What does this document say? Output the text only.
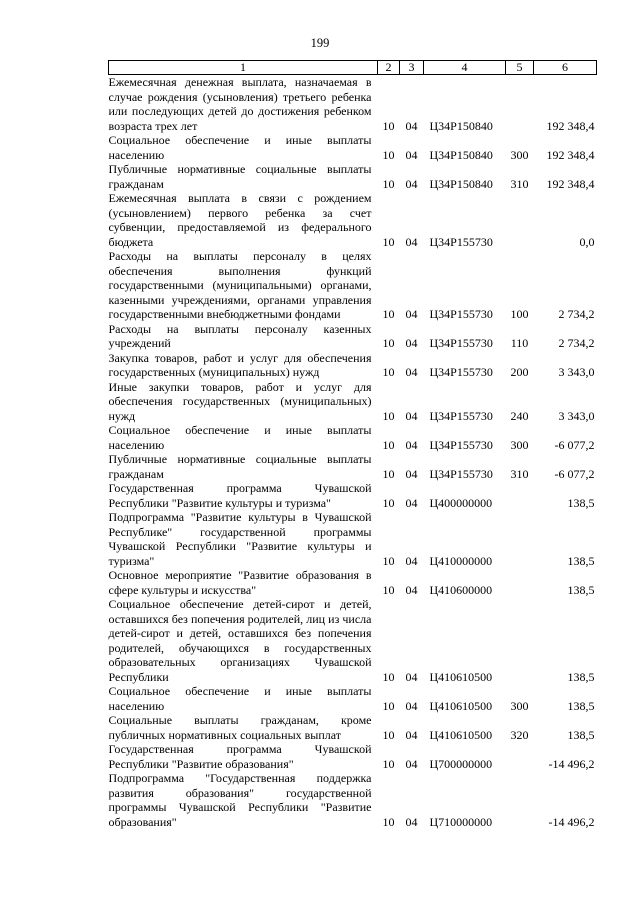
199
1	2	3	4	5	6
Ежемесячная денежная выплата, назначаемая в случае рождения (усыновления) третьего ребенка или последующих детей до достижения ребенком возраста трех лет	10	04	Ц34Р150840		192 348,4
Социальное обеспечение и иные выплаты населению	10	04	Ц34Р150840	300	192 348,4
Публичные нормативные социальные выплаты гражданам	10	04	Ц34Р150840	310	192 348,4
Ежемесячная выплата в связи с рождением (усыновлением) первого ребенка за счет субвенции, предоставляемой из федерального бюджета	10	04	Ц34Р155730		0,0
Расходы на выплаты персоналу в целях обеспечения выполнения функций государственными (муниципальными) органами, казенными учреждениями, органами управления государственными внебюджетными фондами	10	04	Ц34Р155730	100	2 734,2
Расходы на выплаты персоналу казенных учреждений	10	04	Ц34Р155730	110	2 734,2
Закупка товаров, работ и услуг для обеспечения государственных (муниципальных) нужд	10	04	Ц34Р155730	200	3 343,0
Иные закупки товаров, работ и услуг для обеспечения государственных (муниципальных) нужд	10	04	Ц34Р155730	240	3 343,0
Социальное обеспечение и иные выплаты населению	10	04	Ц34Р155730	300	-6 077,2
Публичные нормативные социальные выплаты гражданам	10	04	Ц34Р155730	310	-6 077,2
Государственная программа Чувашской Республики "Развитие культуры и туризма"	10	04	Ц400000000		138,5
Подпрограмма "Развитие культуры в Чувашской Республике" государственной программы Чувашской Республики "Развитие культуры и туризма"	10	04	Ц410000000		138,5
Основное мероприятие "Развитие образования в сфере культуры и искусства"	10	04	Ц410600000		138,5
Социальное обеспечение детей-сирот и детей, оставшихся без попечения родителей, лиц из числа детей-сирот и детей, оставшихся без попечения родителей, обучающихся в государственных образовательных организациях Чувашской Республики	10	04	Ц410610500		138,5
Социальное обеспечение и иные выплаты населению	10	04	Ц410610500	300	138,5
Социальные выплаты гражданам, кроме публичных нормативных социальных выплат	10	04	Ц410610500	320	138,5
Государственная программа Чувашской Республики "Развитие образования"	10	04	Ц700000000		-14 496,2
Подпрограмма "Государственная поддержка развития образования" государственной программы Чувашской Республики "Развитие образования"	10	04	Ц710000000		-14 496,2
